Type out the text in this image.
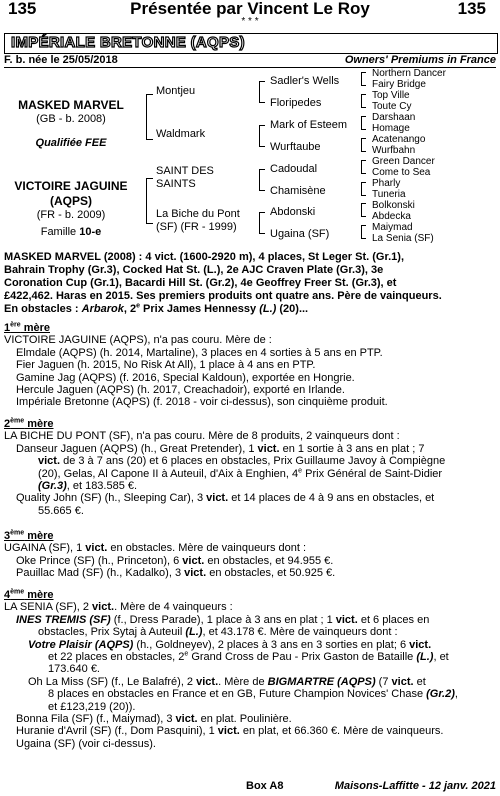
135	Présentée par Vincent Le Roy	135
* * *
IMPÉRIALE BRETONNE (AQPS)
F. b. née le 25/05/2018	Owners' Premiums in France
MASKED MARVEL
(GB - b. 2008)
Qualifiée FEE
VICTOIRE JAGUINE
(AQPS)
(FR - b. 2009)
Famille 10-e
Montjeu
Waldmark
SAINT DES
SAINTS
La Biche du Pont
(SF) (FR - 1999)
Sadler's Wells
Floripedes
Mark of Esteem
Wurftaube
Cadoudal
Chamisène
Abdonski
Ugaina (SF)
Northern Dancer
Fairy Bridge
Top Ville
Toute Cy
Darshaan
Homage
Acatenango
Wurfbahn
Green Dancer
Come to Sea
Pharly
Tuneria
Bolkonski
Abdecka
Maiymad
La Senia (SF)
MASKED MARVEL (2008) : 4 vict. (1600-2920 m), 4 places, St Leger St. (Gr.1),
Bahrain Trophy (Gr.3), Cocked Hat St. (L.), 2e AJC Craven Plate (Gr.3), 3e
Coronation Cup (Gr.1), Bacardi Hill St. (Gr.2), 4e Geoffrey Freer St. (Gr.3), et
£422,462. Haras en 2015. Ses premiers produits ont quatre ans. Père de vainqueurs.
En obstacles : Arbarok, 2e Prix James Hennessy (L.) (20)...
1ère mère
VICTOIRE JAGUINE (AQPS), n'a pas couru. Mère de :
Elmdale (AQPS) (h. 2014, Martaline), 3 places en 4 sorties à 5 ans en PTP.
Fier Jaguen (h. 2015, No Risk At All), 1 place à 4 ans en PTP.
Gamine Jag (AQPS) (f. 2016, Special Kaldoun), exportée en Hongrie.
Hercule Jaguen (AQPS) (h. 2017, Creachadoir), exporté en Irlande.
Impériale Bretonne (AQPS) (f. 2018 - voir ci-dessus), son cinquième produit.
2ème mère
LA BICHE DU PONT (SF), n'a pas couru. Mère de 8 produits, 2 vainqueurs dont :
Danseur Jaguen (AQPS) (h., Great Pretender), 1 vict. en 1 sortie à 3 ans en plat ; 7
vict. de 3 à 7 ans (20) et 6 places en obstacles, Prix Guillaume Javoy à Compiègne
(20), Gelas, Al Capone II à Auteuil, d'Aix à Enghien, 4e Prix Général de Saint-Didier
(Gr.3), et 183.585 €.
Quality John (SF) (h., Sleeping Car), 3 vict. et 14 places de 4 à 9 ans en obstacles, et
55.665 €.
3ème mère
UGAINA (SF), 1 vict. en obstacles. Mère de vainqueurs dont :
Oke Prince (SF) (h., Princeton), 6 vict. en obstacles, et 94.955 €.
Pauillac Mad (SF) (h., Kadalko), 3 vict. en obstacles, et 50.925 €.
4ème mère
LA SENIA (SF), 2 vict.. Mère de 4 vainqueurs :
INES TREMIS (SF) (f., Dress Parade), 1 place à 3 ans en plat ; 1 vict. et 6 places en
obstacles, Prix Sytaj à Auteuil (L.), et 43.178 €. Mère de vainqueurs dont :
Votre Plaisir (AQPS) (h., Goldneyev), 2 places à 3 ans en 3 sorties en plat; 6 vict.
et 22 places en obstacles, 2e Grand Cross de Pau - Prix Gaston de Bataille (L.), et
173.640 €.
Oh La Miss (SF) (f., Le Balafré), 2 vict.. Mère de BIGMARTRE (AQPS) (7 vict. et
8 places en obstacles en France et en GB, Future Champion Novices' Chase (Gr.2),
et £123,219 (20)).
Bonna Fila (SF) (f., Maiymad), 3 vict. en plat. Poulinière.
Huranie d'Avril (SF) (f., Dom Pasquini), 1 vict. en plat, et 66.360 €. Mère de vainqueurs.
Ugaina (SF) (voir ci-dessus).
Box A8	Maisons-Laffitte - 12 janv. 2021
